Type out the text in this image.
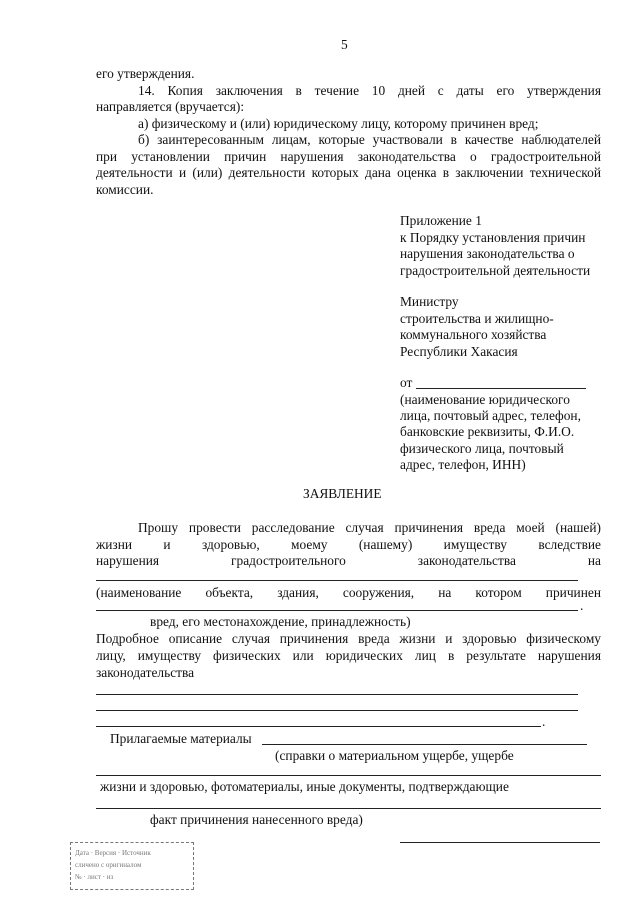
5
его утверждения.
14. Копия заключения в течение 10 дней с даты его утверждения
направляется (вручается):
а) физическому и (или) юридическому лицу, которому причинен вред;
б) заинтересованным лицам, которые участвовали в качестве наблюдателей
при установлении причин нарушения законодательства о градостроительной
деятельности и (или) деятельности которых дана оценка в заключении технической
комиссии.
Приложение 1
к Порядку установления причин
нарушения законодательства о
градостроительной деятельности
Министру
строительства и жилищно-
коммунального хозяйства
Республики Хакасия
от
(наименование юридического
лица, почтовый адрес, телефон,
банковские реквизиты, Ф.И.О.
физического лица, почтовый
адрес, телефон, ИНН)
ЗАЯВЛЕНИЕ
Прошу провести расследование случая причинения вреда моей (нашей)
жизни и здоровью, моему (нашему) имуществу вследствие
нарушения градостроительного законодательства на
(наименование объекта, здания, сооружения, на котором причинен
.
вред, его местонахождение, принадлежность)
Подробное описание случая причинения вреда жизни и здоровью физическому
лицу, имуществу физических или юридических лиц в результате нарушения
законодательства
.
Прилагаемые материалы
(справки о материальном ущербе, ущербе
жизни и здоровью, фотоматериалы, иные документы, подтверждающие
факт причинения нанесенного вреда)
Дата · Версия · Источник
сличено с оригиналом
№ · лист · из
